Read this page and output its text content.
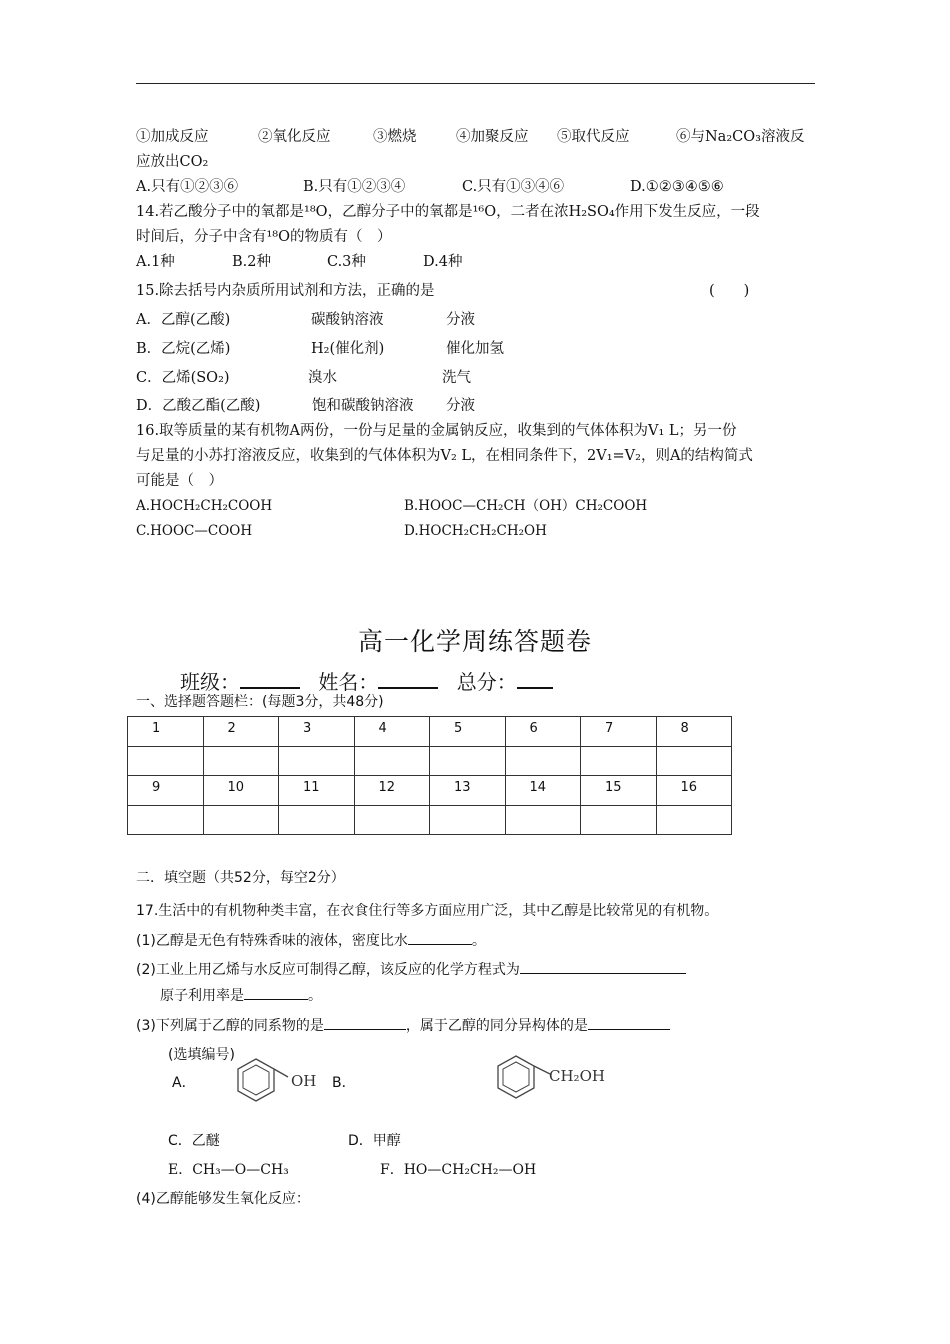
①加成反应	②氧化反应	③燃烧	④加聚反应 ⑤取代反应	⑥与Na₂CO₃溶液反
应放出CO₂
A.只有①②③⑥	B.只有①②③④	C.只有①③④⑥	D.①②③④⑤⑥
14.若乙酸分子中的氧都是¹⁸O，乙醇分子中的氧都是¹⁶O，二者在浓H₂SO₄作用下发生反应，一段
时间后，分子中含有¹⁸O的物质有（　）
A.1种	B.2种	C.3种	D.4种
15.除去括号内杂质所用试剂和方法，正确的是	(　　)
A．乙醇(乙酸)	碳酸钠溶液	分液
B．乙烷(乙烯)	H₂(催化剂)	催化加氢
C．乙烯(SO₂)	溴水	洗气
D．乙酸乙酯(乙酸)	饱和碳酸钠溶液 分液
16.取等质量的某有机物A两份，一份与足量的金属钠反应，收集到的气体体积为V₁ L；另一份
与足量的小苏打溶液反应，收集到的气体体积为V₂ L，在相同条件下，2V₁=V₂，则A的结构简式
可能是（　）
A.HOCH₂CH₂COOH	B.HOOC—CH₂CH（OH）CH₂COOH
C.HOOC—COOH	D.HOCH₂CH₂CH₂OH
高一化学周练答题卷
班级：	姓名：	总分：
一、选择题答题栏：(每题3分，共48分)
1	2	3	4	5	6	7	8

9	10	11	12	13	14	15	16

二．填空题（共52分，每空2分）
17.生活中的有机物种类丰富，在衣食住行等多方面应用广泛，其中乙醇是比较常见的有机物。
(1)乙醇是无色有特殊香味的液体，密度比水	。
(2)工业上用乙烯与水反应可制得乙醇，该反应的化学方程式为
原子利用率是	。
(3)下列属于乙醇的同系物的是	，属于乙醇的同分异构体的是
(选填编号)
A．	OH B．	CH₂OH
C．乙醚	D．甲醇
E．CH₃—O—CH₃	F．HO—CH₂CH₂—OH
(4)乙醇能够发生氧化反应：
